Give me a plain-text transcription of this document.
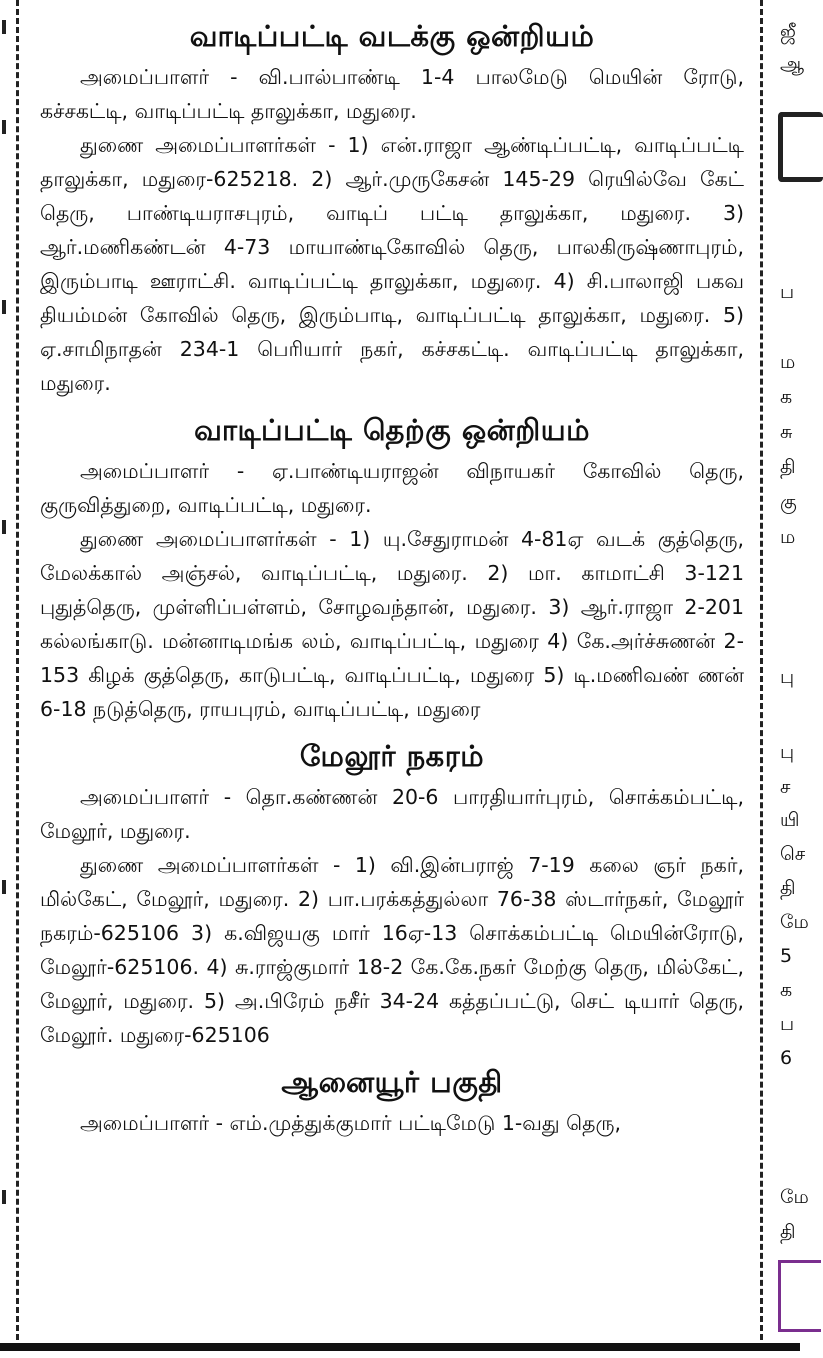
வாடிப்பட்டி வடக்கு ஒன்றியம்

அமைப்பாளர் - வி.பால்பாண்டி 1-4 பாலமேடு மெயின் ரோடு, கச்சகட்டி, வாடிப்பட்டி தாலுக்கா, மதுரை.

துணை அமைப்பாளர்கள் - 1) என்.ராஜா ஆண்டிப்பட்டி, வாடிப்பட்டி தாலுக்கா, மதுரை-625218. 2) ஆர்.முருகேசன் 145-29 ரெயில்வே கேட் தெரு, பாண்டியராசபுரம், வாடிப் பட்டி தாலுக்கா, மதுரை. 3) ஆர்.மணிகண்டன் 4-73 மாயாண்டிகோவில் தெரு, பாலகிருஷ்ணாபுரம், இரும்பாடி ஊராட்சி. வாடிப்பட்டி தாலுக்கா, மதுரை. 4) சி.பாலாஜி பகவ தியம்மன் கோவில் தெரு, இரும்பாடி, வாடிப்பட்டி தாலுக்கா, மதுரை. 5) ஏ.சாமிநாதன் 234-1 பெரியார் நகர், கச்சகட்டி. வாடிப்பட்டி தாலுக்கா, மதுரை.

வாடிப்பட்டி தெற்கு ஒன்றியம்

அமைப்பாளர் - ஏ.பாண்டியராஜன் விநாயகர் கோவில் தெரு, குருவித்துறை, வாடிப்பட்டி, மதுரை.

துணை அமைப்பாளர்கள் - 1) யு.சேதுராமன் 4-81ஏ வடக் குத்தெரு, மேலக்கால் அஞ்சல், வாடிப்பட்டி, மதுரை. 2) மா. காமாட்சி 3-121 புதுத்தெரு, முள்ளிப்பள்ளம், சோழவந்தான், மதுரை. 3) ஆர்.ராஜா 2-201 கல்லங்காடு. மன்னாடிமங்க லம், வாடிப்பட்டி, மதுரை 4) கே.அர்ச்சுணன் 2-153 கிழக் குத்தெரு, காடுபட்டி, வாடிப்பட்டி, மதுரை 5) டி.மணிவண் ணன் 6-18 நடுத்தெரு, ராயபுரம், வாடிப்பட்டி, மதுரை

மேலூர் நகரம்

அமைப்பாளர் - தொ.கண்ணன் 20-6 பாரதியார்புரம், சொக்கம்பட்டி, மேலூர், மதுரை.

துணை அமைப்பாளர்கள் - 1) வி.இன்பராஜ் 7-19 கலை ஞர் நகர், மில்கேட், மேலூர், மதுரை. 2) பா.பரக்கத்துல்லா 76-38 ஸ்டார்நகர், மேலூர் நகரம்-625106 3) க.விஜயகு மார் 16ஏ-13 சொக்கம்பட்டி மெயின்ரோடு, மேலூர்-625106. 4) சு.ராஜ்குமார் 18-2 கே.கே.நகர் மேற்கு தெரு, மில்கேட், மேலூர், மதுரை. 5) அ.பிரேம் நசீர் 34-24 கத்தப்பட்டு, செட் டியார் தெரு, மேலூர். மதுரை-625106

ஆனையூர் பகுதி

அமைப்பாளர் - எம்.முத்துக்குமார் பட்டிமேடு 1-வது தெரு,

ஜீ
ஆ
ப
ம
க
சு
தி
கு
ம
பு
பு
ச
யி
செ
தி
மே
5
க
ப
6
மே
தி
